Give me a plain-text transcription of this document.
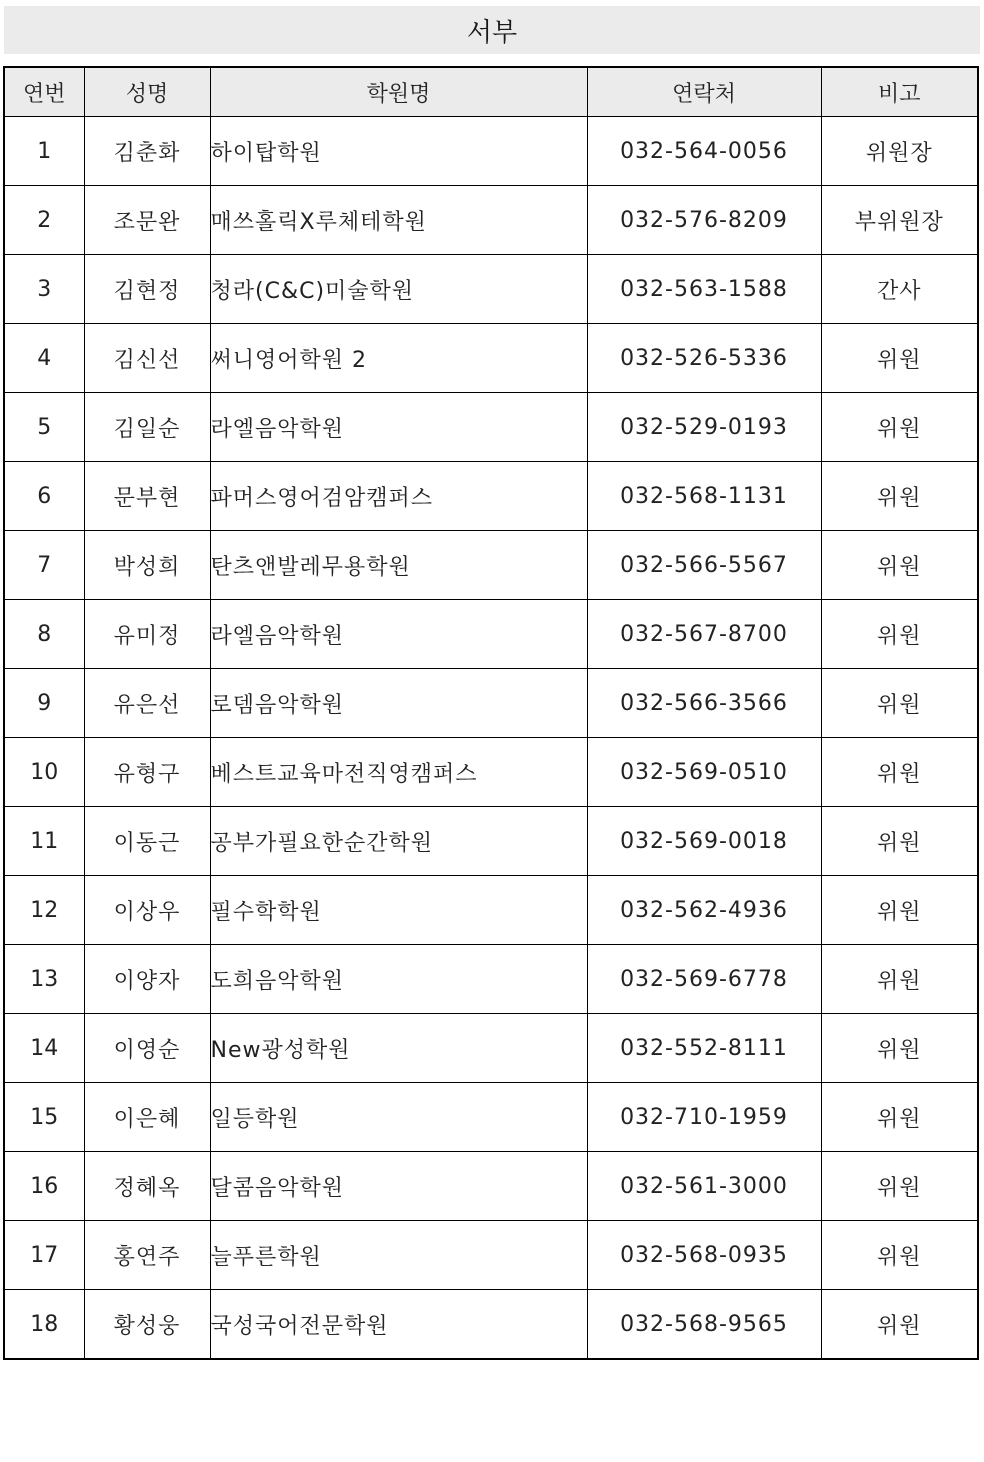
서부
연번	성명	학원명	연락처	비고
1	김춘화	하이탑학원	032-564-0056	위원장
2	조문완	매쓰홀릭X루체테학원	032-576-8209	부위원장
3	김현정	청라(C&C)미술학원	032-563-1588	간사
4	김신선	써니영어학원 2	032-526-5336	위원
5	김일순	라엘음악학원	032-529-0193	위원
6	문부현	파머스영어검암캠퍼스	032-568-1131	위원
7	박성희	탄츠앤발레무용학원	032-566-5567	위원
8	유미정	라엘음악학원	032-567-8700	위원
9	유은선	로뎀음악학원	032-566-3566	위원
10	유형구	베스트교육마전직영캠퍼스	032-569-0510	위원
11	이동근	공부가필요한순간학원	032-569-0018	위원
12	이상우	필수학학원	032-562-4936	위원
13	이양자	도희음악학원	032-569-6778	위원
14	이영순	New광성학원	032-552-8111	위원
15	이은혜	일등학원	032-710-1959	위원
16	정혜옥	달콤음악학원	032-561-3000	위원
17	홍연주	늘푸른학원	032-568-0935	위원
18	황성웅	국성국어전문학원	032-568-9565	위원
